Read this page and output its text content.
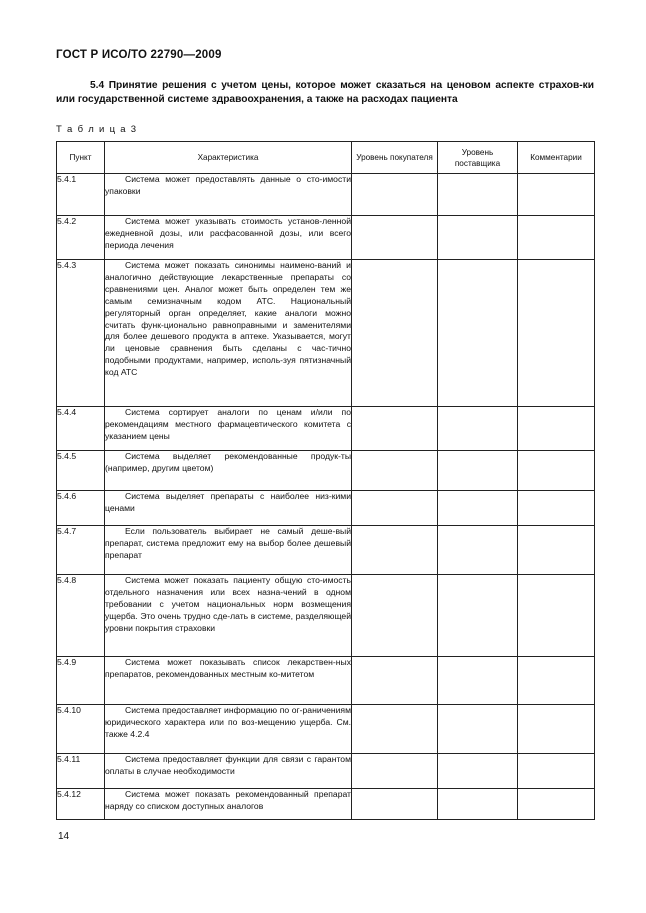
ГОСТ Р ИСО/ТО 22790—2009
5.4 Принятие решения с учетом цены, которое может сказаться на ценовом аспекте страхов-ки или государственной системе здравоохранения, а также на расходах пациента
Т а б л и ц а 3
Пункт	Характеристика	Уровень покупателя	Уровень поставщика	Комментарии
5.4.1	Система может предоставлять данные о сто-имости упаковки			

5.4.2	Система может указывать стоимость установ-ленной ежедневной дозы, или расфасованной дозы, или всего периода лечения			

5.4.3	Система может показать синонимы наимено-ваний и аналогично действующие лекарственные препараты со сравнениями цен. Аналог может быть определен тем же самым семизначным кодом АТС. Национальный регуляторный орган определяет, какие аналоги можно считать функ-ционально равноправными и заменителями для более дешевого продукта в аптеке. Указывается, могут ли ценовые сравнения быть сделаны с час-тично подобными продуктами, например, исполь-зуя пятизначный код АТС			

5.4.4	Система сортирует аналоги по ценам и/или по рекомендациям местного фармацевтического комитета с указанием цены			

5.4.5	Система выделяет рекомендованные продук-ты (например, другим цветом)			

5.4.6	Система выделяет препараты с наиболее низ-кими ценами			

5.4.7	Если пользователь выбирает не самый деше-вый препарат, система предложит ему на выбор более дешевый препарат			

5.4.8	Система может показать пациенту общую сто-имость отдельного назначения или всех назна-чений в одном требовании с учетом национальных норм возмещения ущерба. Это очень трудно сде-лать в системе, разделяющей уровни покрытия страховки			

5.4.9	Система может показывать список лекарствен-ных препаратов, рекомендованных местным ко-митетом			

5.4.10	Система предоставляет информацию по ог-раничениям юридического характера или по воз-мещению ущерба. См. также 4.2.4			

5.4.11	Система предоставляет функции для связи с гарантом оплаты в случае необходимости			

5.4.12	Система может показать рекомендованный препарат наряду со списком доступных аналогов			

14
